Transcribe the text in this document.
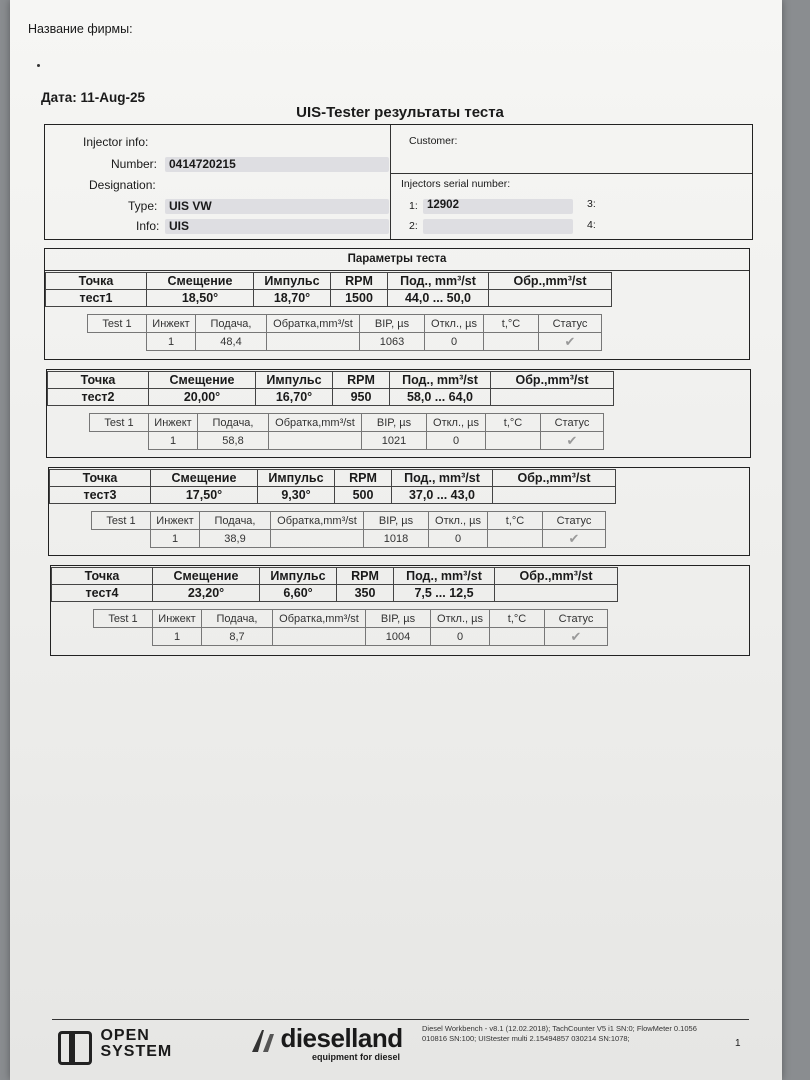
Название фирмы:
Дата: 11-Aug-25
UIS-Tester результаты теста
Injector info:
Number: 0414720215
Designation:
Type: UIS VW
Info: UIS
Customer:
Injectors serial number:
1: 12902
2:
3:
4:
Параметры теста
Точка	Смещение	Импульс	RPM	Под., mm³/st	Обр.,mm³/st
тест1	18,50°	18,70°	1500	44,0 ... 50,0	
Test 1	Инжект	Подача,	Обратка,mm³/st	BIP, µs	Откл., µs	t,°C	Статус
	1	48,4		1063	0		✔
Точка	Смещение	Импульс	RPM	Под., mm³/st	Обр.,mm³/st
тест2	20,00°	16,70°	950	58,0 ... 64,0	
Test 1	Инжект	Подача,	Обратка,mm³/st	BIP, µs	Откл., µs	t,°C	Статус
	1	58,8		1021	0		✔
Точка	Смещение	Импульс	RPM	Под., mm³/st	Обр.,mm³/st
тест3	17,50°	9,30°	500	37,0 ... 43,0	
Test 1	Инжект	Подача,	Обратка,mm³/st	BIP, µs	Откл., µs	t,°C	Статус
	1	38,9		1018	0		✔
Точка	Смещение	Импульс	RPM	Под., mm³/st	Обр.,mm³/st
тест4	23,20°	6,60°	350	7,5 ... 12,5	
Test 1	Инжект	Подача,	Обратка,mm³/st	BIP, µs	Откл., µs	t,°C	Статус
	1	8,7		1004	0		✔

OPEN
SYSTEM	dieselland
equipment for diesel
Diesel Workbench - v8.1 (12.02.2018); TachCounter V5 i1 SN:0; FlowMeter 0.1056
010816 SN:100; UIStester multi 2.15494857 030214 SN:1078;	1
